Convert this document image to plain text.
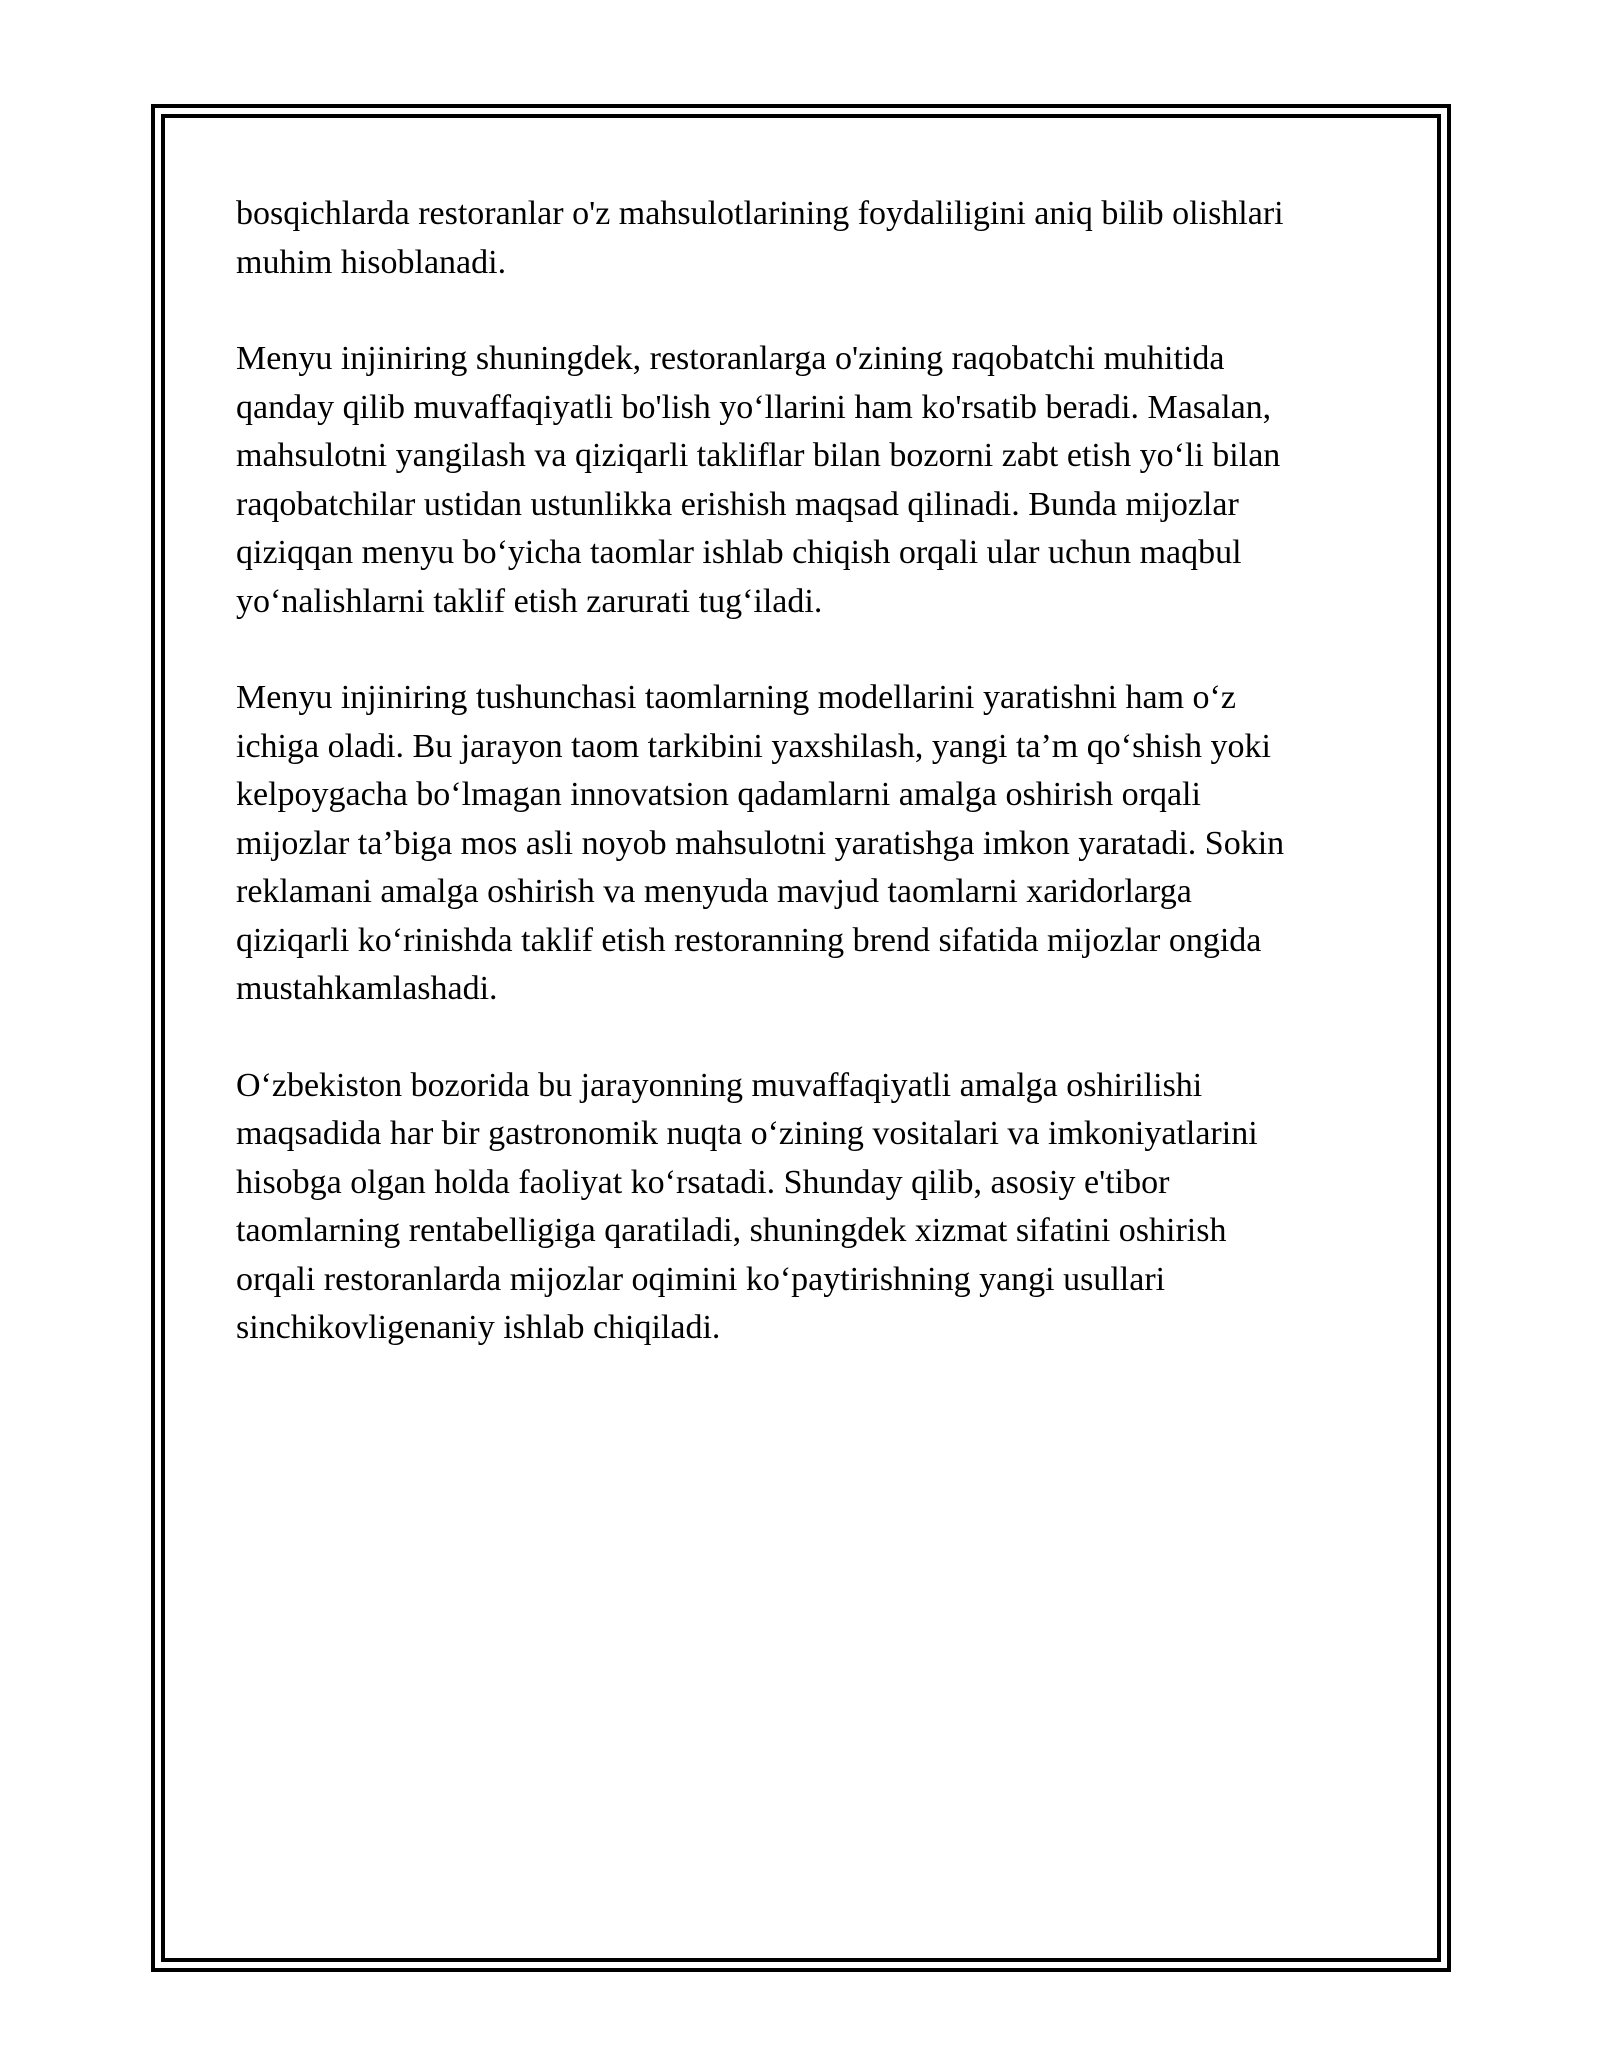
bosqichlarda restoranlar o'z mahsulotlarining foydaliligini aniq bilib olishlari
muhim hisoblanadi.

Menyu injiniring shuningdek, restoranlarga o'zining raqobatchi muhitida
qanday qilib muvaffaqiyatli bo'lish yo‘llarini ham ko'rsatib beradi. Masalan,
mahsulotni yangilash va qiziqarli takliflar bilan bozorni zabt etish yo‘li bilan
raqobatchilar ustidan ustunlikka erishish maqsad qilinadi. Bunda mijozlar
qiziqqan menyu bo‘yicha taomlar ishlab chiqish orqali ular uchun maqbul
yo‘nalishlarni taklif etish zarurati tug‘iladi.

Menyu injiniring tushunchasi taomlarning modellarini yaratishni ham o‘z
ichiga oladi. Bu jarayon taom tarkibini yaxshilash, yangi ta’m qo‘shish yoki
kelpoygacha bo‘lmagan innovatsion qadamlarni amalga oshirish orqali
mijozlar ta’biga mos asli noyob mahsulotni yaratishga imkon yaratadi. Sokin
reklamani amalga oshirish va menyuda mavjud taomlarni xaridorlarga
qiziqarli ko‘rinishda taklif etish restoranning brend sifatida mijozlar ongida
mustahkamlashadi.

O‘zbekiston bozorida bu jarayonning muvaffaqiyatli amalga oshirilishi
maqsadida har bir gastronomik nuqta o‘zining vositalari va imkoniyatlarini
hisobga olgan holda faoliyat ko‘rsatadi. Shunday qilib, asosiy e'tibor
taomlarning rentabelligiga qaratiladi, shuningdek xizmat sifatini oshirish
orqali restoranlarda mijozlar oqimini ko‘paytirishning yangi usullari
sinchikovligenaniy ishlab chiqiladi.
